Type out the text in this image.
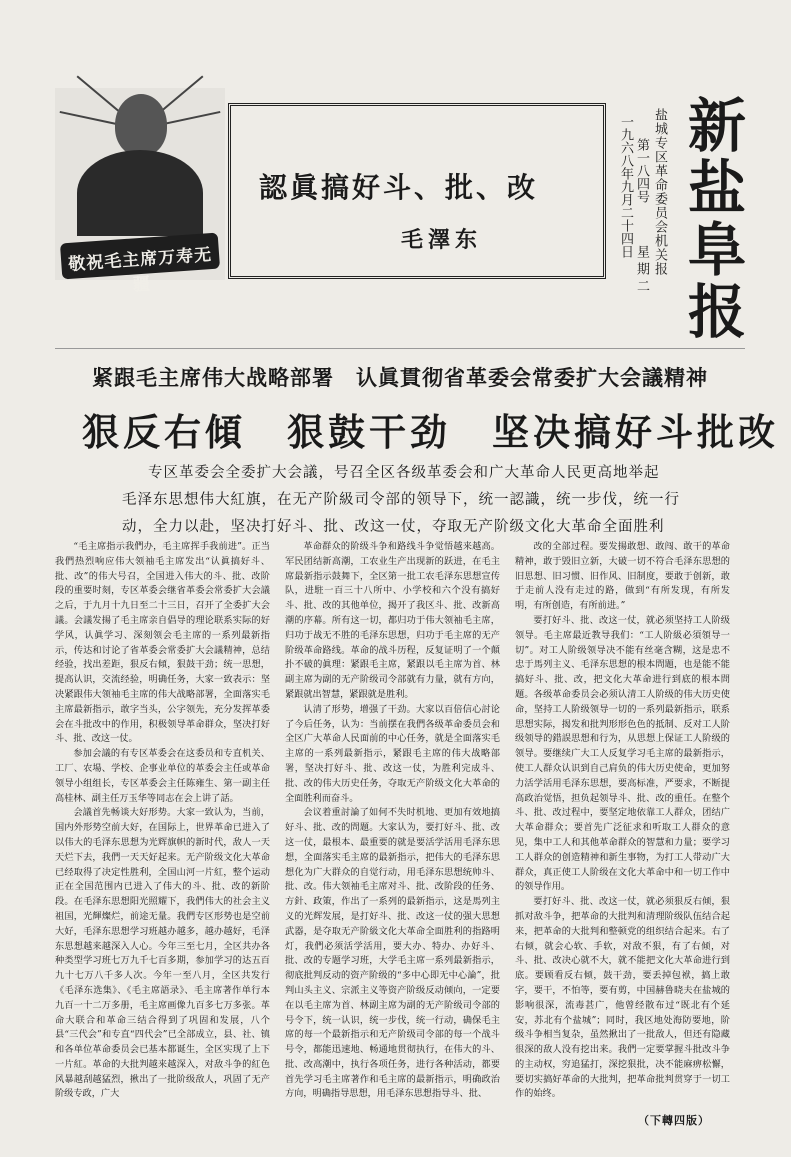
敬祝毛主席万寿无疆
認眞搞好斗、批、改
毛澤东	新盐阜报
盐城专区革命委员会机关报
一九六八年九月二十四日 第一八四号
星期二
紧跟毛主席伟大战略部署　认眞貫彻省革委会常委扩大会議精神
狠反右傾　狠鼓干劲　坚决搞好斗批改
专区革委会全委扩大会議，号召全区各级革委会和广大革命人民更高地举起
毛泽东思想伟大紅旗，在无产阶級司令部的领导下，统一認識，统一步伐，统一行
动，全力以赴，坚决打好斗、批、改这一仗，夺取无产阶级文化大革命全面胜利

“毛主席指示我們办，毛主席挥手我前进”。正当我們热烈响应伟大领袖毛主席发出“认眞搞好斗、批、改”的伟大号召，全国进入伟大的斗、批、改阶段的重要时刻，专区革委会继省革委会常委扩大会議之后，于九月十九日至二十三日，召开了全委扩大会議。会議发揚了毛主席亲自倡导的理论联系实际的好学风，认眞学习、深刻领会毛主席的一系列最新指示，传达和讨论了省革委会常委扩大会議精神，总结经验，找出差距，狠反右傾，狠鼓干劲；统一思想，提高认识，交流经验，明确任务，大家一致表示：坚决紧跟伟大领袖毛主席的伟大战略部署，全面落实毛主席最新指示，敢字当头，公字领先，充分发挥革委会在斗批改中的作用，积极领导革命群众，坚决打好斗、批、改这一仗。

参加会議的有专区革委会在这委员和专直机关、工厂、农場、学校、企事业单位的革委会主任或革命领导小组组长，专区革委会主任陈雍生、第一副主任高桂林、副主任万玉华等同志在会上讲了話。

会議首先畅谈大好形势。大家一致认为，当前，国内外形势空前大好，在国际上，世界革命已进入了以伟大的毛泽东思想为光辉旗帜的新时代，敌人一天天烂下去，我們一天天好起来。无产阶级文化大革命已经取得了决定性胜利，全国山河一片紅，整个运动正在全国范围内已进入了伟大的斗、批、改的新阶段。在毛泽东思想阳光照耀下，我們伟大的社会主义祖国，光輝燦烂，前途无量。我們专区形势也是空前大好，毛泽东思想学习班越办越多，越办越好，毛泽东思想越来越深入人心。今年三至七月，全区共办各种类型学习班七万九千七百多期，参加学习的达五百九十七万八千多人次。今年一至八月，全区共发行《毛泽东选集》、《毛主席語录》、毛主席著作单行本九百一十二万多册，毛主席画像九百多七万多张。革命大联合和革命三结合得到了巩固和发展，八个县“三代会”和专直“四代会”已全部成立，县、社、镇和各单位革命委员会已基本都诞生，全区实现了上下一片紅。革命的大批判越来越深入，对敌斗争的紅色风暴越刮越猛烈，揪出了一批阶级敌人，巩固了无产阶级专政，广大

革命群众的阶级斗争和路线斗争觉悟越来越高。军民团结新高潮，工农业生产出现新的跃进，在毛主席最新指示鼓舞下，全区第一批工农毛泽东思想宣传队，进駐一百三十八所中、小学校和六个没有搞好斗、批、改的其他单位，揭开了我区斗、批、改新高潮的序幕。所有这一切，都归功于伟大领袖毛主席，归功于战无不胜的毛泽东思想，归功于毛主席的无产阶级革命路线。革命的战斗历程，反复证明了一个顛扑不破的眞理：紧跟毛主席，紧跟以毛主席为首、林副主席为副的无产阶级司令部就有力量，就有方向，紧跟就出智慧，紧跟就是胜利。

认清了形势，增强了干劲。大家以百倍信心討论了今后任务，认为：当前摆在我們各级革命委员会和全区广大革命人民面前的中心任务，就是全面落实毛主席的一系列最新指示，紧跟毛主席的伟大战略部署，坚决打好斗、批、改这一仗，为胜利完成斗、批、改的伟大历史任务，夺取无产阶级文化大革命的全面胜利而奋斗。

会议着重討論了如何不失时机地、更加有效地搞好斗、批、改的問題。大家认为，要打好斗、批、改这一仗，最根本、最重要的就是要活学活用毛泽东思想，全面落实毛主席的最新指示，把伟大的毛泽东思想化为广大群众的自觉行动，用毛泽东思想统帅斗、批、改。伟大领袖毛主席对斗、批、改阶段的任务、方針、政策，作出了一系列的最新指示，这是馬列主义的光辉发展，是打好斗、批、改这一仗的强大思想武器，是夺取无产阶級文化大革命全面胜利的指路明灯，我們必须活学活用，要大办、特办、办好斗、批、改的专题学习班，大学毛主席一系列最新指示，彻底批判反动的资产阶级的“多中心即无中心論”，批判山头主义、宗派主义等资产阶级反动倾向，一定要在以毛主席为首、林副主席为副的无产阶级司令部的号令下，统一认识，统一步伐，统一行动，确保毛主席的每一个最新指示和无产阶级司令部的每一个战斗号令，都能迅速地、畅通地贯彻执行，在伟大的斗、批、改高潮中，执行各项任务，进行各种活动，都要首先学习毛主席著作和毛主席的最新指示，明确政治方向，明确指导思想，用毛泽东思想指导斗、批、

改的全部过程。要发揚敢想、敢闯、敢干的革命精神，敢于毁旧立新，大破一切不符合毛泽东思想的旧思想、旧习惯、旧作风、旧制度，要敢于创新，敢于走前人没有走过的路，做到“有所发现，有所发明，有所创造，有所前进。”

要打好斗、批、改这一仗，就必须坚持工人阶级领导。毛主席最近教导我们：“工人阶級必須領导一切”。对工人阶级领导决不能有丝毫含糊，这是忠不忠于馬列主义、毛泽东思想的根本問題，也是能不能搞好斗、批、改，把文化大革命进行到底的根本問題。各级革命委员会必须认清工人阶级的伟大历史使命，坚持工人阶级领导一切的一系列最新指示，联系思想实际，揭发和批判形形色色的抵制、反对工人阶级领导的錯誤思想和行为，从思想上保证工人阶级的领导。要继续广大工人反复学习毛主席的最新指示，使工人群众认识到自己肩负的伟大历史使命，更加努力活学活用毛泽东思想，要高标准，严要求，不断提高政治觉悟，担负起领导斗、批、改的重任。在整个斗、批、改过程中，要坚定地依靠工人群众，团结广大革命群众；要首先广泛征求和听取工人群众的意见，集中工人和其他革命群众的智慧和力量；要学习工人群众的创造精神和新生事物，为打工人带动广大群众，真正使工人阶级在文化大革命中和一切工作中的领导作用。

要打好斗、批、改这一仗，就必须狠反右倾，狠抓对敌斗争，把革命的大批判和清理阶级队伍结合起来，把革命的大批判和整顿党的组织结合起来。右了右倾，就会心软、手软，对敌不狠，有了右倾，对斗、批、改决心就不大，就不能把文化大革命进行到底。要顾看反右倾，鼓干劲，要丢掉包袱，搞上敢字，要干，不怕等，要有剪，中国赫鲁晓夫在盐城的影响很深，流毒甚广，他曾经散布过“既北有个延安，苏北有个盐城”；同时，我区地处海防要地，阶级斗争相当复杂，虽然揪出了一批敌人，但还有隐藏很深的敌人没有挖出来。我們一定要掌握斗批改斗争的主动权，穷追猛打，深挖狠批，决不能麻痹松懈，要切实搞好革命的大批判，把革命批判贯穿于一切工作的始终。

（下轉四版）
